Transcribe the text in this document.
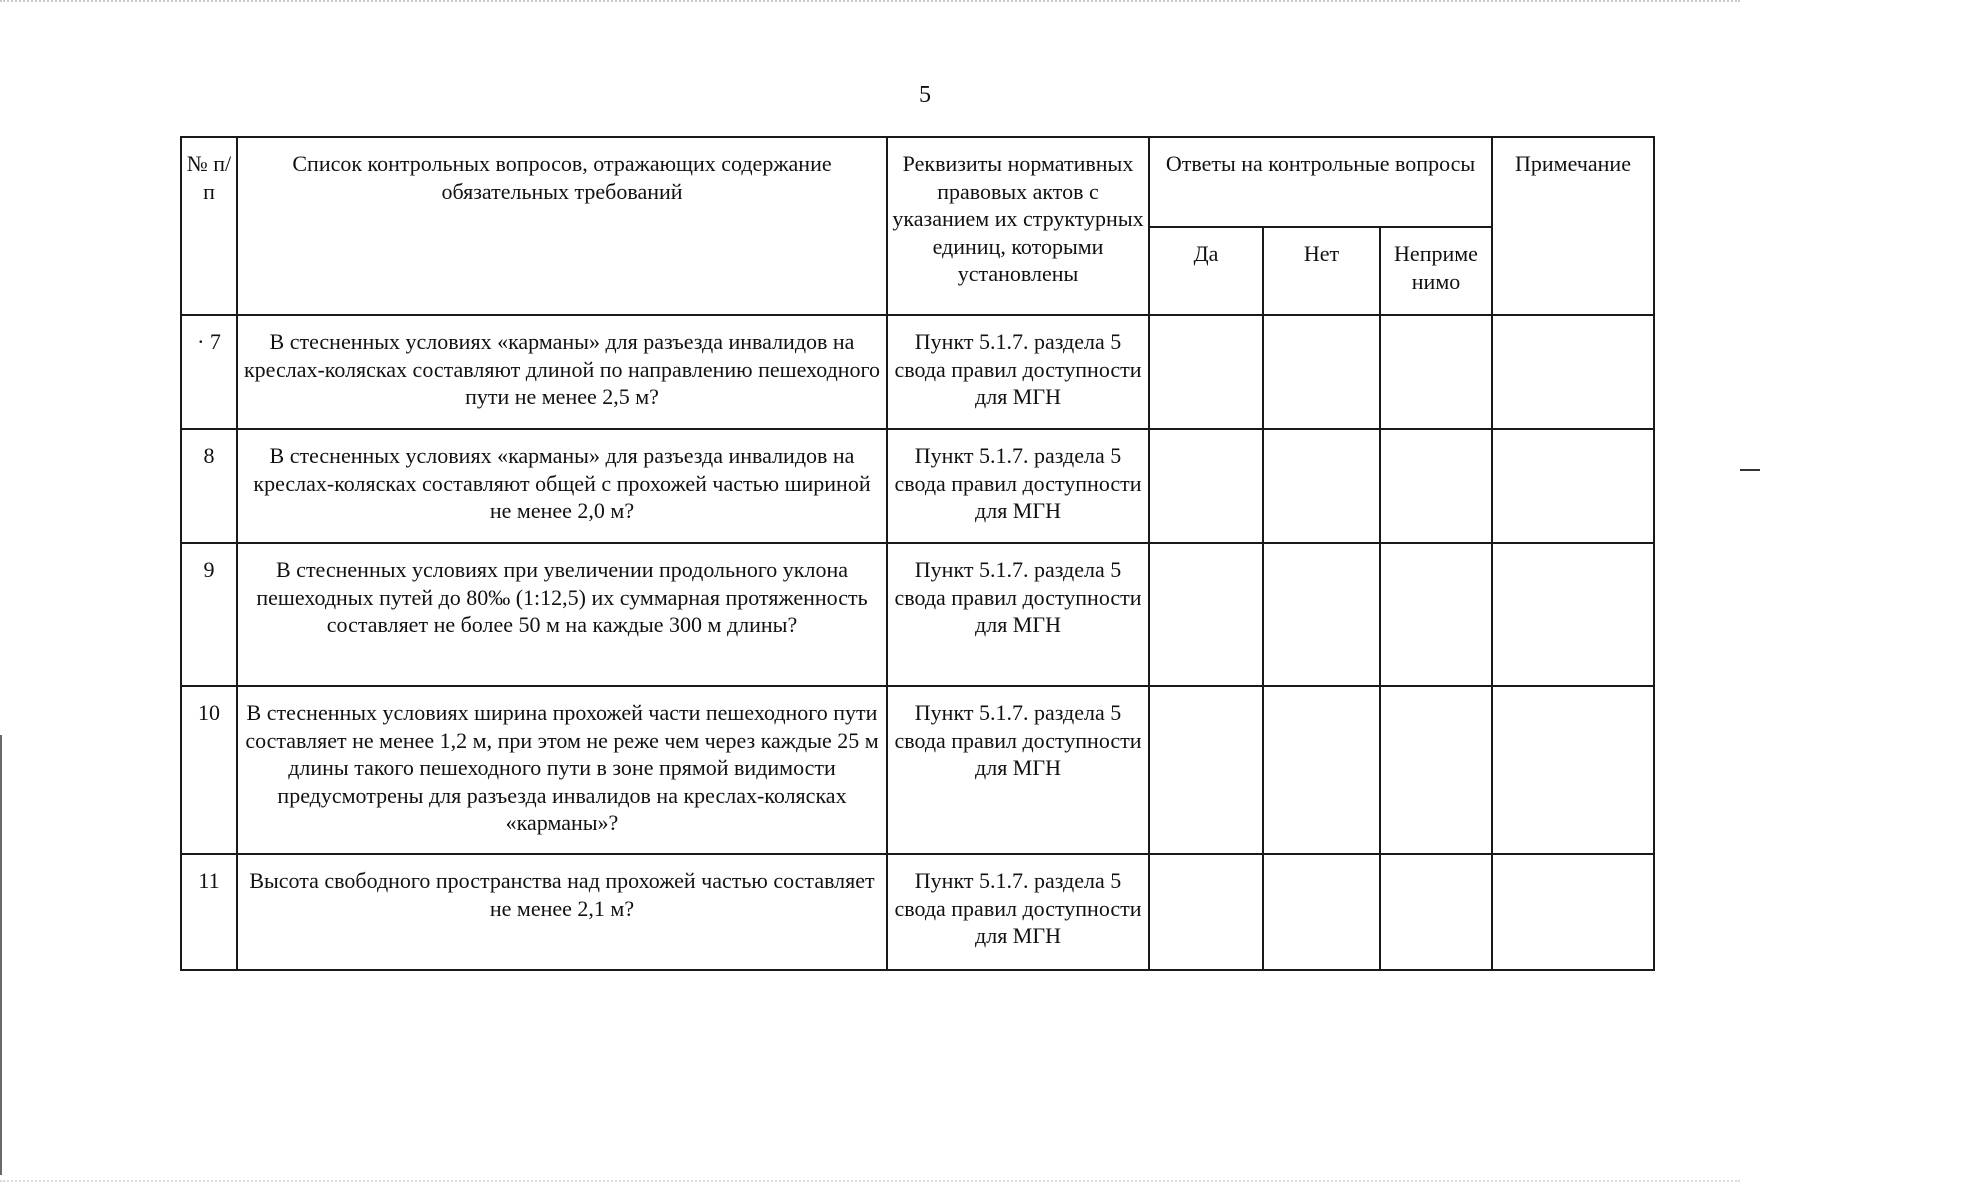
5
№ п/п	Список контрольных вопросов, отражающих содержание обязательных требований	Реквизиты нормативных правовых актов с указанием их структурных единиц, которыми установлены	Ответы на контрольные вопросы			Примечание
			Да	Нет	Неприме нимо	
· 7	В стесненных условиях «карманы» для разъезда инвалидов на креслах-колясках составляют длиной по направлению пешеходного пути не менее 2,5 м?	Пункт 5.1.7. раздела 5 свода правил доступности для МГН				
8	В стесненных условиях «карманы» для разъезда инвалидов на креслах-колясках составляют общей с прохожей частью шириной не менее 2,0 м?	Пункт 5.1.7. раздела 5 свода правил доступности для МГН				
9	В стесненных условиях при увеличении продольного уклона пешеходных путей до 80‰ (1:12,5) их суммарная протяженность составляет не более 50 м на каждые 300 м длины?	Пункт 5.1.7. раздела 5 свода правил доступности для МГН				
10	В стесненных условиях ширина прохожей части пешеходного пути составляет не менее 1,2 м, при этом не реже чем через каждые 25 м длины такого пешеходного пути в зоне прямой видимости предусмотрены для разъезда инвалидов на креслах-колясках «карманы»?	Пункт 5.1.7. раздела 5 свода правил доступности для МГН				
11	Высота свободного пространства над прохожей частью составляет не менее 2,1 м?	Пункт 5.1.7. раздела 5 свода правил доступности для МГН				
